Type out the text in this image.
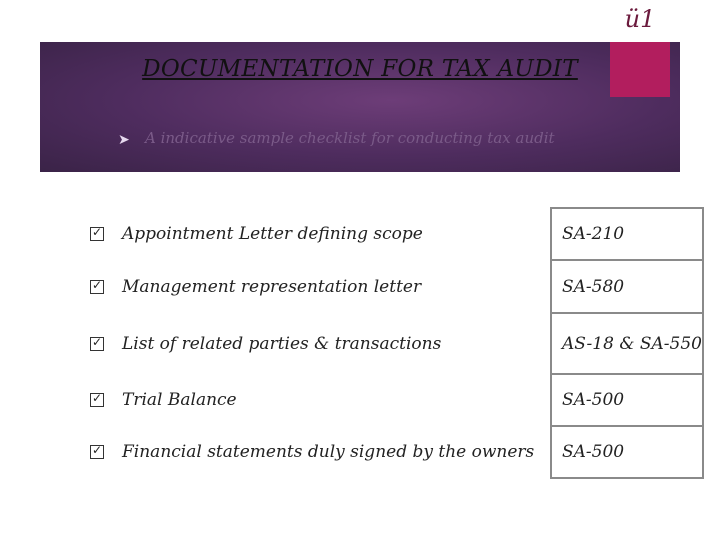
ü1
DOCUMENTATION FOR TAX AUDIT
➤ A indicative sample checklist for conducting tax audit
✓
Appointment Letter defining scope	SA-210

✓
Management representation letter	SA-580

✓
List of related parties & transactions	AS-18 & SA-550

✓
Trial Balance	SA-500

✓
Financial statements duly signed by the owners	SA-500
